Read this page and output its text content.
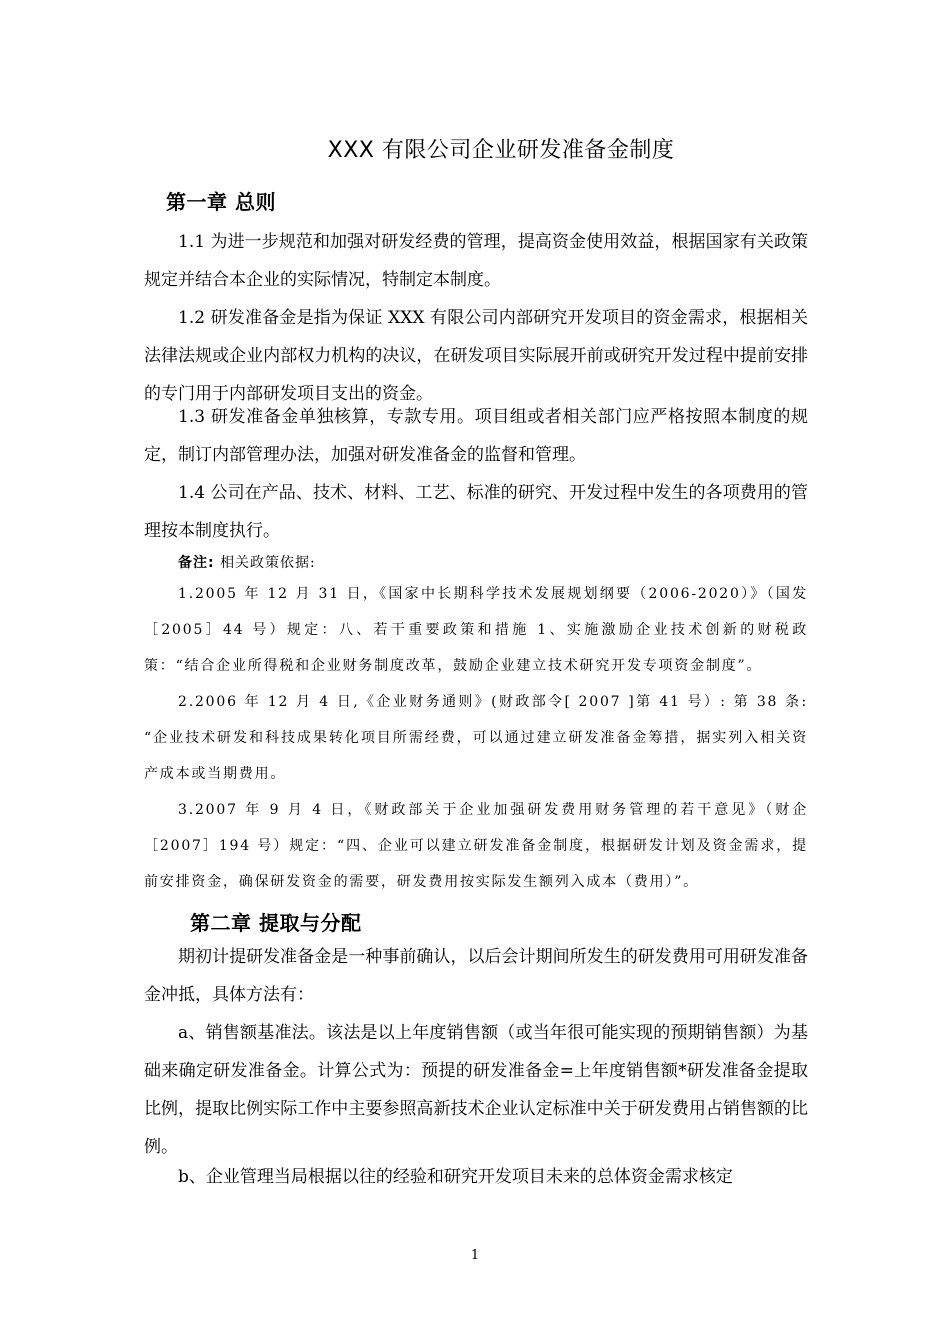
XXX 有限公司企业研发准备金制度
第一章 总则

1.1 为进一步规范和加强对研发经费的管理，提高资金使用效益，根据国家有关政策规定并结合本企业的实际情况，特制定本制度。

1.2 研发准备金是指为保证 XXX 有限公司内部研究开发项目的资金需求，根据相关法律法规或企业内部权力机构的决议，在研发项目实际展开前或研究开发过程中提前安排的专门用于内部研发项目支出的资金。

1.3 研发准备金单独核算，专款专用。项目组或者相关部门应严格按照本制度的规定，制订内部管理办法，加强对研发准备金的监督和管理。

1.4 公司在产品、技术、材料、工艺、标准的研究、开发过程中发生的各项费用的管理按本制度执行。

备注: 相关政策依据:

1.2005 年 12 月 31 日，《国家中长期科学技术发展规划纲要（2006-2020）》（国发［2005］44 号）规定：八、若干重要政策和措施 1、实施激励企业技术创新的财税政策：“结合企业所得税和企业财务制度改革，鼓励企业建立技术研究开发专项资金制度”。

2.2006 年 12 月 4 日,《企业财务通则》(财政部令[ 2007 ]第 41 号）: 第 38 条: “企业技术研发和科技成果转化项目所需经费，可以通过建立研发准备金筹措，据实列入相关资产成本或当期费用。

3.2007 年 9 月 4 日，《财政部关于企业加强研发费用财务管理的若干意见》（财企［2007］194 号）规定：“四、企业可以建立研发准备金制度，根据研发计划及资金需求，提前安排资金，确保研发资金的需要，研发费用按实际发生额列入成本（费用）”。

第二章 提取与分配

期初计提研发准备金是一种事前确认，以后会计期间所发生的研发费用可用研发准备金冲抵，具体方法有：

a、销售额基准法。该法是以上年度销售额（或当年很可能实现的预期销售额）为基础来确定研发准备金。计算公式为：预提的研发准备金=上年度销售额*研发准备金提取比例，提取比例实际工作中主要参照高新技术企业认定标准中关于研发费用占销售额的比例。

b、企业管理当局根据以往的经验和研究开发项目未来的总体资金需求核定

1
